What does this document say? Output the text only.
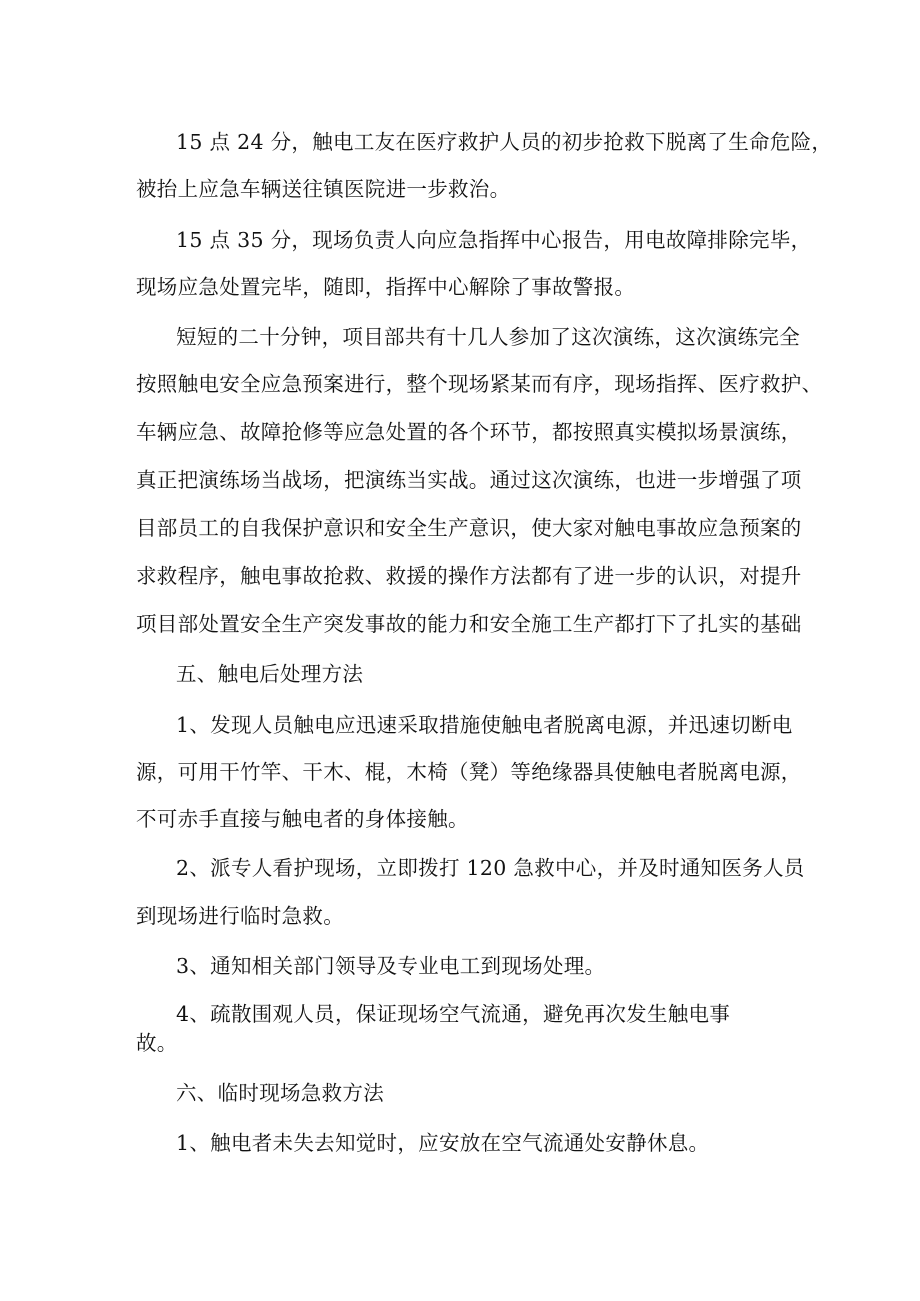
15 点 24 分，触电工友在医疗救护人员的初步抢救下脱离了生命危险，
被抬上应急车辆送往镇医院进一步救治。
15 点 35 分，现场负责人向应急指挥中心报告，用电故障排除完毕，
现场应急处置完毕，随即，指挥中心解除了事故警报。
短短的二十分钟，项目部共有十几人参加了这次演练，这次演练完全
按照触电安全应急预案进行，整个现场紧某而有序，现场指挥、医疗救护、
车辆应急、故障抢修等应急处置的各个环节，都按照真实模拟场景演练，
真正把演练场当战场，把演练当实战。通过这次演练，也进一步增强了项
目部员工的自我保护意识和安全生产意识，使大家对触电事故应急预案的
求救程序，触电事故抢救、救援的操作方法都有了进一步的认识，对提升
项目部处置安全生产突发事故的能力和安全施工生产都打下了扎实的基础
五、触电后处理方法
1、发现人员触电应迅速采取措施使触电者脱离电源，并迅速切断电
源，可用干竹竿、干木、棍，木椅（凳）等绝缘器具使触电者脱离电源，
不可赤手直接与触电者的身体接触。
2、派专人看护现场，立即拨打 120 急救中心，并及时通知医务人员
到现场进行临时急救。
3、通知相关部门领导及专业电工到现场处理。
4、疏散围观人员，保证现场空气流通，避免再次发生触电事
故。
六、临时现场急救方法
1、触电者未失去知觉时，应安放在空气流通处安静休息。
